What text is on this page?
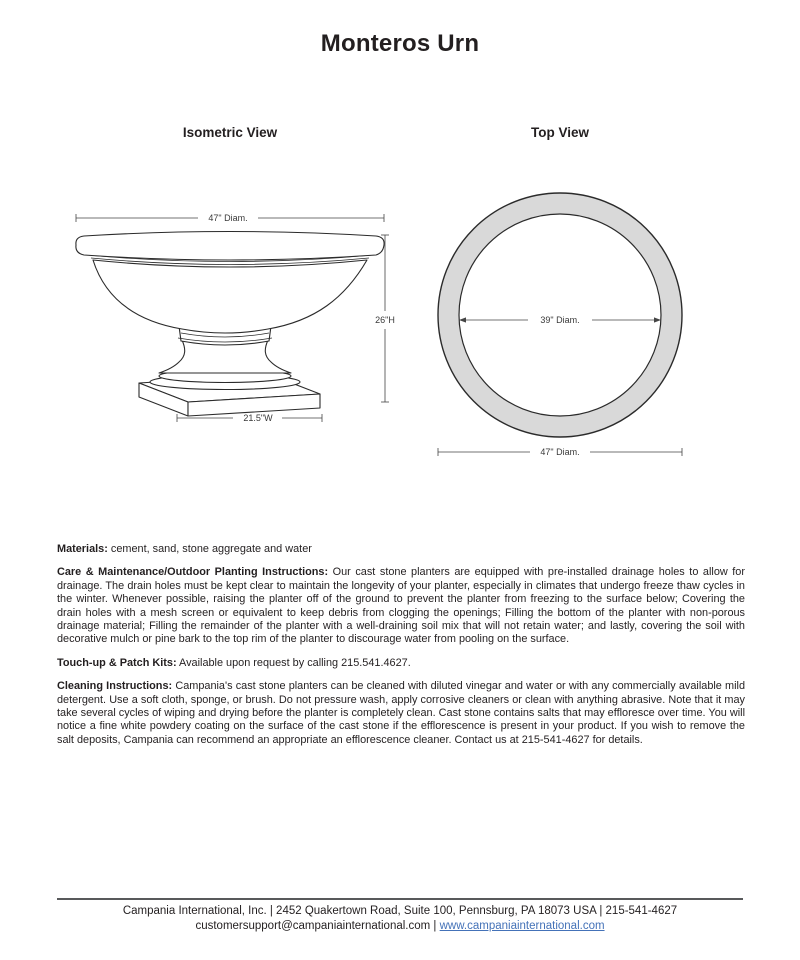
Monteros Urn
Isometric View	Top View
47" Diam.
26"H
21.5"W
39" Diam.
47" Diam.

Materials: cement, sand, stone aggregate and water

Care & Maintenance/Outdoor Planting Instructions: Our cast stone planters are equipped with pre-installed drainage holes to allow for drainage. The drain holes must be kept clear to maintain the longevity of your planter, especially in climates that undergo freeze thaw cycles in the winter. Whenever possible, raising the planter off of the ground to prevent the planter from freezing to the surface below; Covering the drain holes with a mesh screen or equivalent to keep debris from clogging the openings; Filling the bottom of the planter with non-porous drainage material; Filling the remainder of the planter with a well-draining soil mix that will not retain water; and lastly, covering the soil with decorative mulch or pine bark to the top rim of the planter to discourage water from pooling on the surface.

Touch-up & Patch Kits: Available upon request by calling 215.541.4627.

Cleaning Instructions: Campania's cast stone planters can be cleaned with diluted vinegar and water or with any commercially available mild detergent. Use a soft cloth, sponge, or brush. Do not pressure wash, apply corrosive cleaners or clean with anything abrasive. Note that it may take several cycles of wiping and drying before the planter is completely clean. Cast stone contains salts that may effloresce over time. You will notice a fine white powdery coating on the surface of the cast stone if the efflorescence is present in your product. If you wish to remove the salt deposits, Campania can recommend an appropriate an efflorescence cleaner. Contact us at 215-541-4627 for details.

Campania International, Inc. | 2452 Quakertown Road, Suite 100, Pennsburg, PA 18073 USA | 215-541-4627
customersupport@campaniainternational.com | www.campaniainternational.com
